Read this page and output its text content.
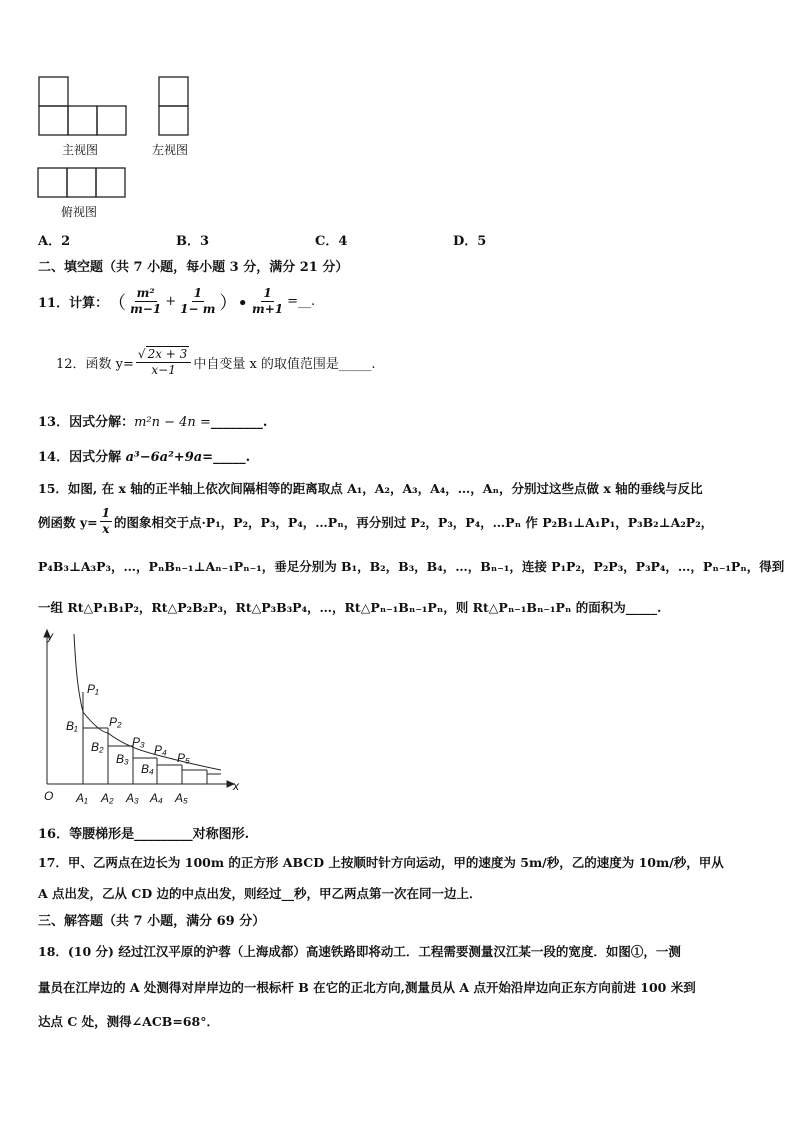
主视图	左视图
俯视图
A．2	B．3	C．4	D．5
二、填空题（共 7 小题，每小题 3 分，满分 21 分）
11．计算： （ $\frac{\text{m²}}{m-1} + \frac{1}{1- m}$ ）• $\frac{1}{m+1}$ =__.
12．函数 $y= \frac{√ 2x + 3}{x-1}$ 中自变量 x 的取值范围是_____.
13．因式分解：m²n − 4n =________.
14．因式分解 a³−6a²+9a=_____.
15．如图, 在 x 轴的正半轴上依次间隔相等的距离取点 A₁，A₂，A₃，A₄，…，Aₙ，分别过这些点做 x 轴的垂线与反比
例函数 $y= \frac{1}{x}$ 的图象相交于点·P₁，P₂，P₃，P₄，…Pₙ，再分别过 P₂，P₃，P₄，…Pₙ 作 P₂B₁⊥A₁P₁，P₃B₂⊥A₂P₂，
P₄B₃⊥A₃P₃，…，PₙBₙ₋₁⊥Aₙ₋₁Pₙ₋₁，垂足分别为 B₁，B₂，B₃，B₄，…，Bₙ₋₁，连接 P₁P₂，P₂P₃，P₃P₄，…，Pₙ₋₁Pₙ，得到
一组 Rt△P₁B₁P₂，Rt△P₂B₂P₃，Rt△P₃B₃P₄，…，Rt△Pₙ₋₁Bₙ₋₁Pₙ，则 Rt△Pₙ₋₁Bₙ₋₁Pₙ 的面积为_____.
y
x
O A₁ A₂ A₃ A₄ A₅
P₁
P₂
P₃
P₄
P₅
B₁
B₂
B₃
B₄
16．等腰梯形是_________对称图形.
17．甲、乙两点在边长为 100m 的正方形 ABCD 上按顺时针方向运动，甲的速度为 5m/秒，乙的速度为 10m/秒，甲从
A 点出发，乙从 CD 边的中点出发，则经过__秒，甲乙两点第一次在同一边上．
三、解答题（共 7 小题，满分 69 分）
18．(10 分) 经过江汉平原的沪蓉（上海成都）高速铁路即将动工．工程需要测量汉江某一段的宽度．如图①，一测
量员在江岸边的 A 处测得对岸岸边的一根标杆 B 在它的正北方向,测量员从 A 点开始沿岸边向正东方向前进 100 米到
达点 C 处，测得∠ACB=68°．
